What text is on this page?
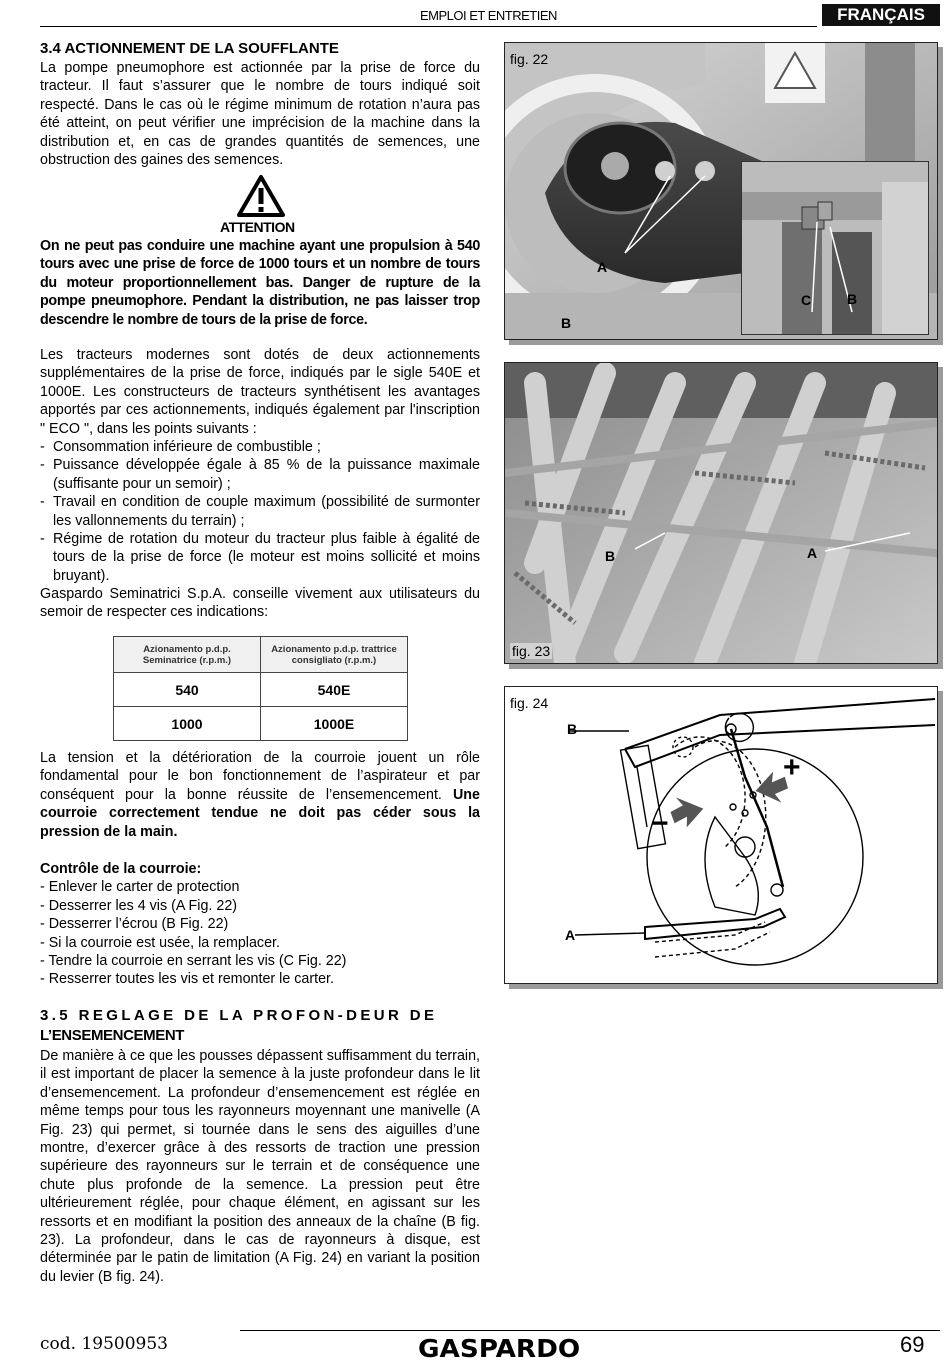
EMPLOI ET ENTRETIEN	FRANÇAIS
3.4 ACTIONNEMENT DE LA SOUFFLANTE
La pompe pneumophore est actionnée par la prise de force du tracteur. Il faut s’assurer que le nombre de tours indiqué soit respecté. Dans le cas où le régime minimum de rotation n’aura pas été atteint, on peut vérifier une imprécision de la machine dans la distribution et, en cas de grandes quantités de semences, une obstruction des gaines des semences.
ATTENTION
On ne peut pas conduire une machine ayant une propulsion à 540 tours avec une prise de force de 1000 tours et un nombre de tours du moteur proportionnellement bas. Danger de rupture de la pompe pneumophore. Pendant la distribution, ne pas laisser trop descendre le nombre de tours de la prise de force.
Les tracteurs modernes sont dotés de deux actionnements supplémentaires de la prise de force, indiqués par le sigle 540E et 1000E. Les constructeurs de tracteurs synthétisent les avantages apportés par ces actionnements, indiqués également par l'inscription " ECO ", dans les points suivants :
- Consommation inférieure de combustible ;
- Puissance développée égale à 85 % de la puissance maximale (suffisante pour un semoir) ;
- Travail en condition de couple maximum (possibilité de surmonter les vallonnements du terrain) ;
- Régime de rotation du moteur du tracteur plus faible à égalité de tours de la prise de force (le moteur est moins sollicité et moins bruyant).
Gaspardo Seminatrici S.p.A. conseille vivement aux utilisateurs du semoir de respecter ces indications:
Azionamento p.d.p. Seminatrice (r.p.m.)	Azionamento p.d.p. trattrice consigliato (r.p.m.)
540	540E
1000	1000E
La tension et la détérioration de la courroie jouent un rôle fondamental pour le bon fonctionnement de l’aspirateur et par conséquent pour la bonne réussite de l’ensemencement. Une courroie correctement tendue ne doit pas céder sous la pression de la main.
Contrôle de la courroie:
- Enlever le carter de protection
- Desserrer les 4 vis (A Fig. 22)
- Desserrer l’écrou (B Fig. 22)
- Si la courroie est usée, la remplacer.
- Tendre la courroie en serrant les vis (C Fig. 22)
- Resserrer toutes les vis et remonter le carter.
3.5 REGLAGE DE LA PROFON-DEUR DE
L’ENSEMENCEMENT
De manière à ce que les pousses dépassent suffisamment du terrain, il est important de placer la semence à la juste profondeur dans le lit d’ensemencement. La profondeur d’ensemencement est réglée en même temps pour tous les rayonneurs moyennant une manivelle (A Fig. 23) qui permet, si tournée dans le sens des aiguilles d’une montre, d’exercer grâce à des ressorts de traction une pression supérieure des rayonneurs sur le terrain et de conséquence une chute plus profonde de la semence. La pression peut être ultérieurement réglée, pour chaque élément, en agissant sur les ressorts et en modifiant la position des anneaux de la chaîne (B fig. 23). La profondeur, dans le cas de rayonneurs à disque, est déterminée par le patin de limitation (A Fig. 24) en variant la position du levier (B fig. 24).
fig. 22
A
B
C	B
B	A
fig. 23
fig. 24
B
A
+
−
cod. 19500953	GASPARDO	69
